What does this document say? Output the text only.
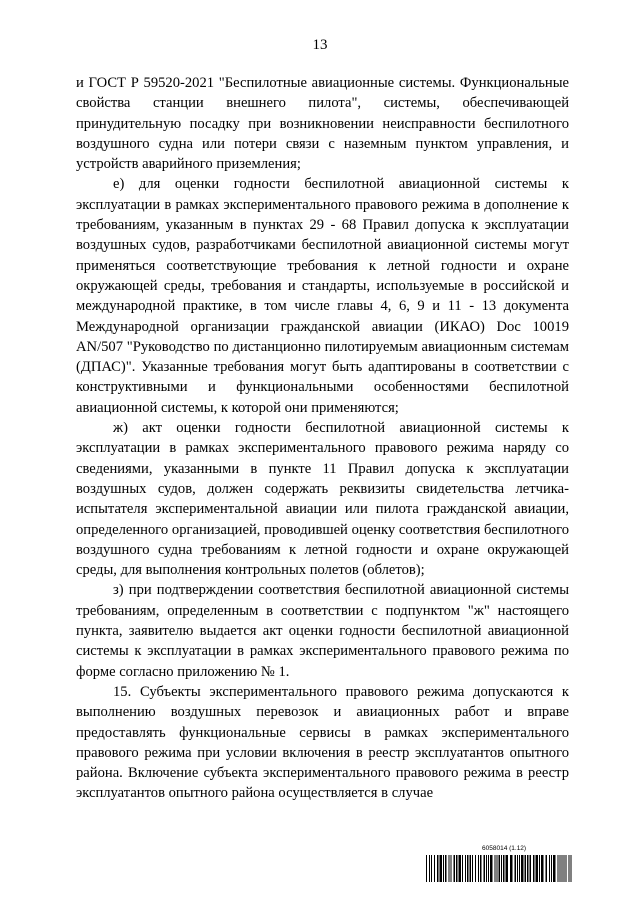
13

и ГОСТ Р 59520-2021 "Беспилотные авиационные системы. Функциональные свойства станции внешнего пилота", системы, обеспечивающей принудительную посадку при возникновении неисправности беспилотного воздушного судна или потери связи с наземным пунктом управления, и устройств аварийного приземления;

е) для оценки годности беспилотной авиационной системы к эксплуатации в рамках экспериментального правового режима в дополнение к требованиям, указанным в пунктах 29 - 68 Правил допуска к эксплуатации воздушных судов, разработчиками беспилотной авиационной системы могут применяться соответствующие требования к летной годности и охране окружающей среды, требования и стандарты, используемые в российской и международной практике, в том числе главы 4, 6, 9 и 11 - 13 документа Международной организации гражданской авиации (ИКАО) Doc 10019 AN/507 "Руководство по дистанционно пилотируемым авиационным системам (ДПАС)". Указанные требования могут быть адаптированы в соответствии с конструктивными и функциональными особенностями беспилотной авиационной системы, к которой они применяются;

ж) акт оценки годности беспилотной авиационной системы к эксплуатации в рамках экспериментального правового режима наряду со сведениями, указанными в пункте 11 Правил допуска к эксплуатации воздушных судов, должен содержать реквизиты свидетельства летчика-испытателя экспериментальной авиации или пилота гражданской авиации, определенного организацией, проводившей оценку соответствия беспилотного воздушного судна требованиям к летной годности и охране окружающей среды, для выполнения контрольных полетов (облетов);

з) при подтверждении соответствия беспилотной авиационной системы требованиям, определенным в соответствии с подпунктом "ж" настоящего пункта, заявителю выдается акт оценки годности беспилотной авиационной системы к эксплуатации в рамках экспериментального правового режима по форме согласно приложению № 1.

15. Субъекты экспериментального правового режима допускаются к выполнению воздушных перевозок и авиационных работ и вправе предоставлять функциональные сервисы в рамках экспериментального правового режима при условии включения в реестр эксплуатантов опытного района. Включение субъекта экспериментального правового режима в реестр эксплуатантов опытного района осуществляется в случае

6058014 (1.12)
